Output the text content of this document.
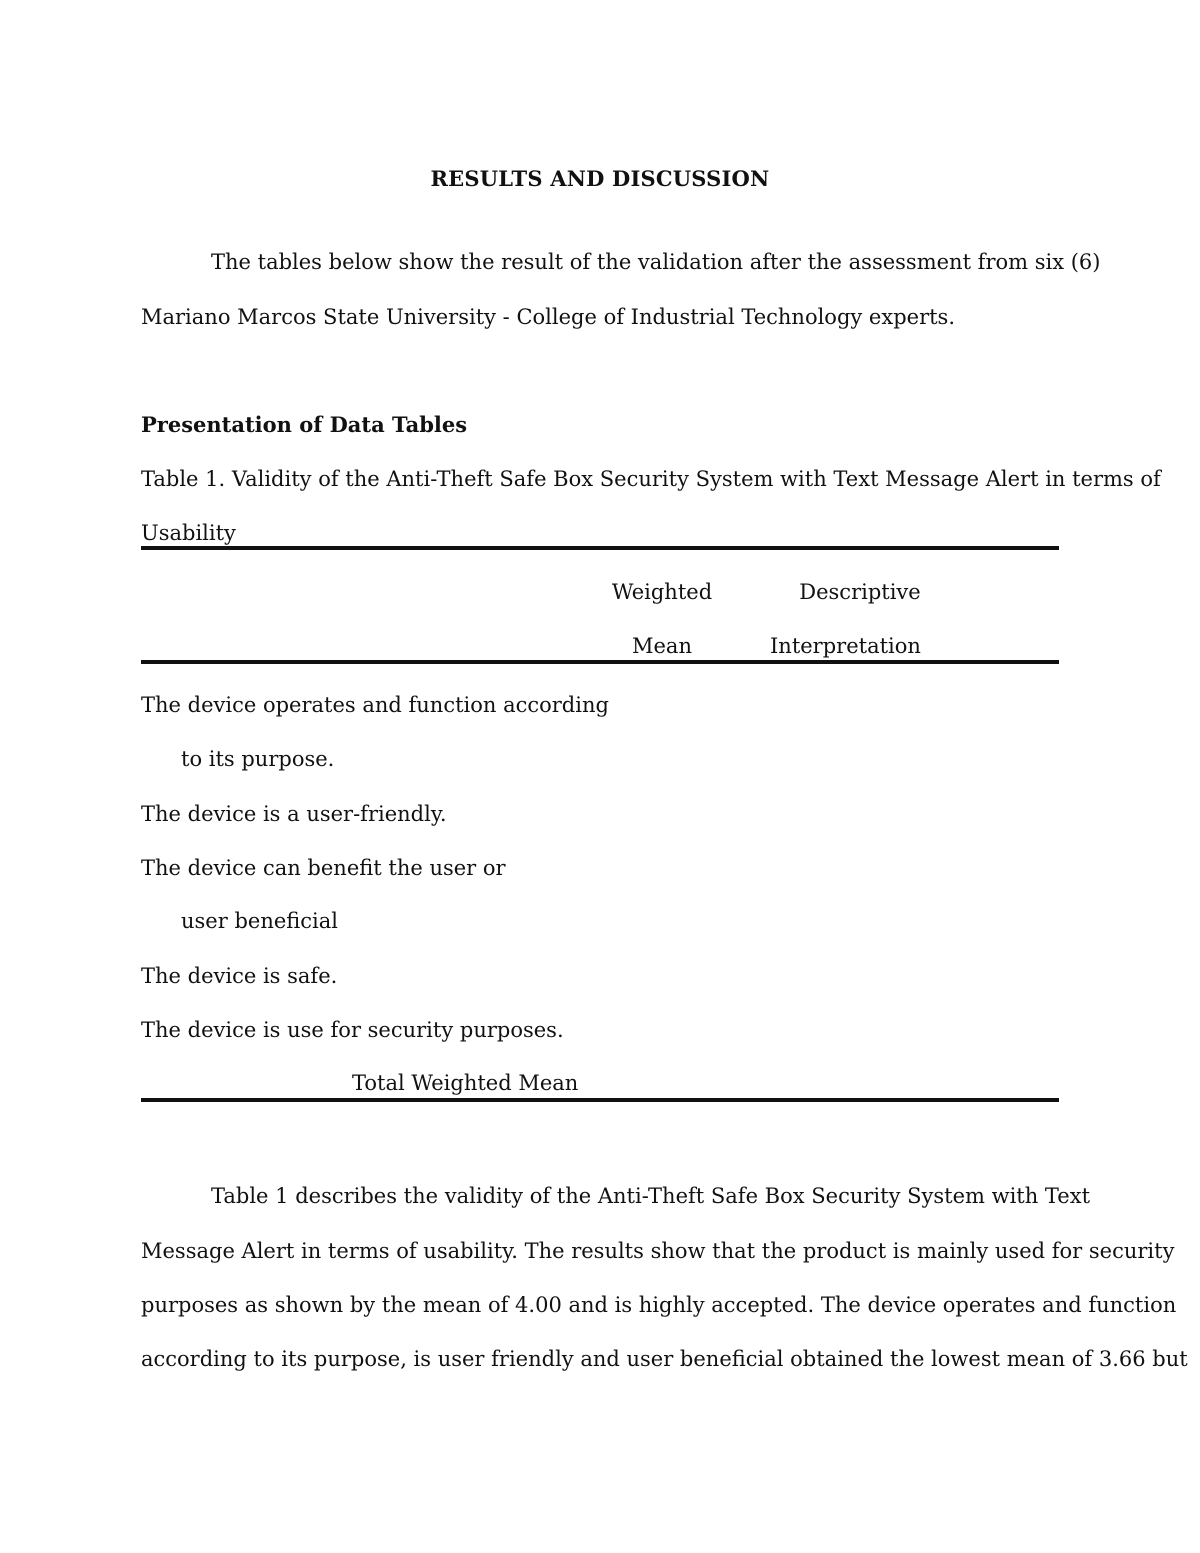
RESULTS AND DISCUSSION
The tables below show the result of the validation after the assessment from six (6)
Mariano Marcos State University - College of Industrial Technology experts.
Presentation of Data Tables
Table 1. Validity of the Anti-Theft Safe Box Security System with Text Message Alert in terms of
Usability
Weighted
Mean
Descriptive
Interpretation
The device operates and function according
to its purpose.
The device is a user-friendly.
The device can benefit the user or
user beneficial
The device is safe.
The device is use for security purposes.
Total Weighted Mean
Table 1 describes the validity of the Anti-Theft Safe Box Security System with Text
Message Alert in terms of usability. The results show that the product is mainly used for security
purposes as shown by the mean of 4.00 and is highly accepted. The device operates and function
according to its purpose, is user friendly and user beneficial obtained the lowest mean of 3.66 but
